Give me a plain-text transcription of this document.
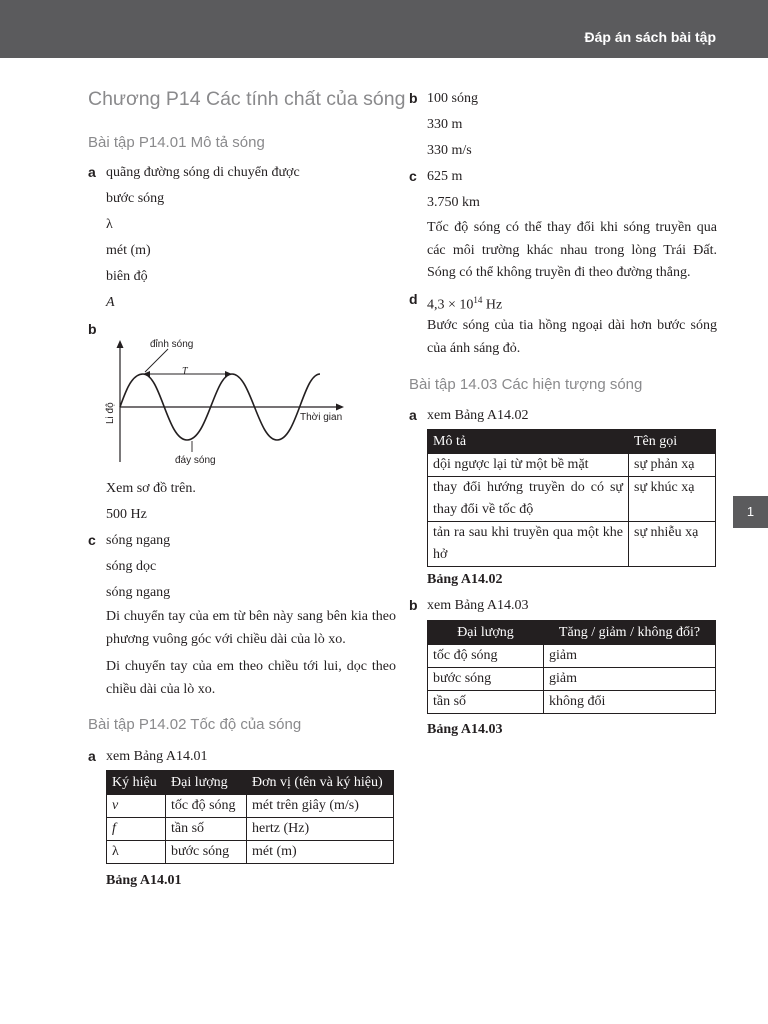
Đáp án sách bài tập
1
Chương P14 Các tính chất của sóng
Bài tập P14.01 Mô tả sóng
a quãng đường sóng di chuyển được
bước sóng
λ
mét (m)
biên độ
A
b
đỉnh sóng
T
đáy sóng
Li độ	Thời gian
Xem sơ đồ trên.
500 Hz
c sóng ngang
sóng dọc
sóng ngang
Di chuyển tay của em từ bên này sang bên kia theo phương vuông góc với chiều dài của lò xo.
Di chuyển tay của em theo chiều tới lui, dọc theo chiều dài của lò xo.
Bài tập P14.02 Tốc độ của sóng
a xem Bảng A14.01
Ký hiệu	Đại lượng	Đơn vị (tên và ký hiệu)
v	tốc độ sóng	mét trên giây (m/s)
f	tần số	hertz (Hz)
λ	bước sóng	mét (m)
Bảng A14.01
b 100 sóng
330 m
330 m/s
c 625 m
3.750 km
Tốc độ sóng có thể thay đổi khi sóng truyền qua các môi trường khác nhau trong lòng Trái Đất. Sóng có thể không truyền đi theo đường thẳng.
d $4,3 \times 10^{14}$ Hz
Bước sóng của tia hồng ngoại dài hơn bước sóng của ánh sáng đỏ.
Bài tập 14.03 Các hiện tượng sóng
a xem Bảng A14.02
Mô tả	Tên gọi
dội ngược lại từ một bề mặt	sự phản xạ
thay đổi hướng truyền do có sự thay đổi về tốc độ	sự khúc xạ
tản ra sau khi truyền qua một khe hở	sự nhiễu xạ
Bảng A14.02
b xem Bảng A14.03
Đại lượng	Tăng / giảm / không đổi?
tốc độ sóng	giảm
bước sóng	giảm
tần số	không đổi
Bảng A14.03
